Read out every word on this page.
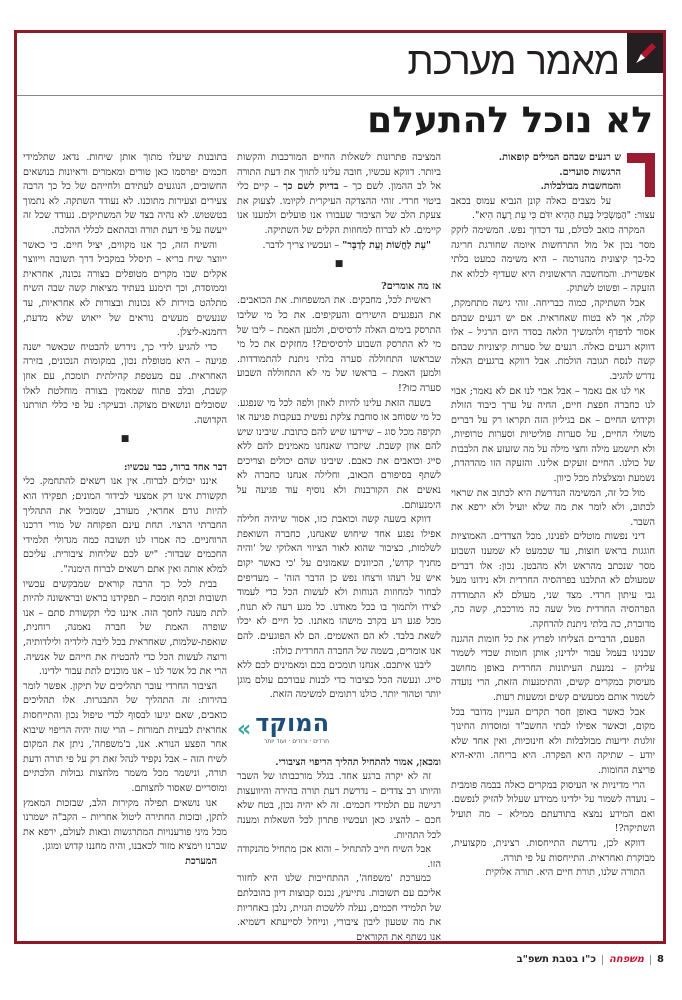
מאמר מערכת
לא נוכל להתעלם

ש רגעים שבהם המילים קופאות.

הרגשות סוערים.

והמחשבות מבולבלות.

על מצבים כאלה קונן הנביא עמוס בכאב עצור: "הַמַּשְׂכִּיל בָּעֵת הַהִיא יִדֹּם כִּי עֵת רָעָה הִיא".

המקרה כואב לכולם, עד דכדוך נפש. המשימה לזקק מסר נכון אל מול התרחשות איומה שחורגת חריגה כל-כך קיצונית מהנורמה – היא משימה כמעט בלתי אפשרית. והמחשבה הראשונית היא שעדיף לכלוא את הזעקה – ופשוט לשתוק.

אבל השתיקה, כמוה כבריחה. זוהי גישה מתחמקת, קלה, אך לא בטוח שאחראית. אם יש רגעים שבהם אסור לדפדף ולהמשיך הלאה בסדר היום הרגיל – אלו דווקא רגעים כאלה. רגעים של סערות קיצוניות שבהם קשה לנסח תגובה הולמת. אבל דווקא ברגעים האלה נדרש להגיב.

אוי לנו אם נאמר – אבל אבוי לנו אם לא נאמר; אבוי לנו כחברה חפצת חיים, החיה על ערך כיבוד הזולת וקידוש החיים – אם בגיליון הזה תקראו רק על דברים משולי החיים, על סערות פוליטיות וסערות טרופיות, ולא תישמע מילה וחצי מילה על מה שזעזע את הלבבות של כולנו. החיים זועקים אלינו. והזעקה הזו מהדהדת, נשמעת ומצלצלת מכל כיוון.

מול כל זה, המשימה הנדרשת היא לכתוב את שראוי לכתוב, ולא לומר את מה שלא יועיל ולא ירפא את השבר.

דיני נפשות מוטלים לפנינו, מכל הצדדים. האמוציות חוגגות בראש חוצות, עד שכמעט לא שמענו השבוע מסר שנכתב מהראש ולא מהבטן. נכון: אלו דברים שמעולם לא התלבנו בפרהסיה החרדית ולא נידונו מעל גבי עיתון חרדי. מצד שני, מעולם לא התמודדה הפרהסיה החרדית מול שעה כה מורכבת, קשה כה, מדוברת, כה בלתי ניתנת להדחקה.

הפעם, הדברים הצליחו לפרוץ את כל חומות ההגנה שבנינו בעמל עבור ילדינו; אותן חומות שכדי לשמור עליהן – נמנעת העיתונות החרדית באופן מחושב מעיסוק במקרים קשים, והתימנעות הזאת, הרי נועדה לשמור אותם ממעשים קשים ומשעות רעות.

אבל כאשר באופן חסר תקדים העניין מדובר בכל מקום, וכאשר אפילו לבתי החשב"ד ומוסדות החינוך זולגות ידיעות מבולבלות ולא חינוכיות, ואין אחד שלא יודע – שתיקה היא הפקרה. היא בריחה. והיא-היא פריצת החומות.

הרי מדיניות אי העיסוק במקרים כאלה בבמה פומבית – נועדה לשמור על ילדינו ממידע שעלול להזיק לנפשם. ואם המידע נמצא בתודעתם ממילא – מה תועיל השתיקה?!

דווקא לכן, נדרשת התייחסות. רצינית, מקצועית, מבוקרת ואחראית. התייחסות על פי תורה.

התורה שלנו, תורת חיים היא. תורה אלוקית

המציבה פתרונות לשאלות החיים המורכבות והקשות ביותר. דווקא עכשיו, חובה עלינו לתווך את דעת התורה אל לב ההמון. לשם כך – בדיוק לשם כך – קיים כלי ביטוי חרדי. זוהי ההצדקה העיקרית לקיומו. לצעוק את צעקת הלב של הציבור שעבורו אנו פועלים ולמענו אנו קיימים. לא לברוח למחוזות הקלים של השתיקה.

"עֵת לַחֲשׁוֹת וְעֵת לְדַבֵּר" – ועכשיו צריך לדבר.

■

אז מה אומרים?

ראשית לכל, מחבקים. את המשפחות. את הכואבים. את הנפגעים הישירים והעקיפים. את כל מי שליבו התרסק בימים האלה לרסיסים, ולמען האמת – ליבו של מי לא התרסק השבוע לרסיסים?! מחזקים את כל מי שבראשו התחוללה סערה בלתי ניתנת להתמודדות. ולמען האמת – בראשו של מי לא התחוללה השבוע סערה כזו?!

בשעה הזאת עלינו להיות לאוזן ולפה לכל מי שנפגע. כל מי שסוחב או סוחבת צלקת נפשית בעקבות פגיעה או תקיפה מכל סוג – שיידעו שיש להם כתובת. שיבינו שיש להם אוזן קשבת. שיזכרו שאנחנו מאמינים להם ללא סייג וכואבים את כאבם. שיבינו שהם יכולים וצריכים לשתף בסיפורם הכאוב, וחלילה אנחנו כחברה לא נאשים את הקורבנות ולא נוסיף עוד פגיעה על הימנעותם.

דווקא בשעה קשה וכואבת כזו, אסור שיהיה חלילה אפילו נפגע אחד שיחוש שאנחנו, כחברה השואפת לשלמות, כציבור שהוא לאור הציווי האלוקי של 'והיה מחניך קדוש', הכיוונים שאמונים על 'כי כאשר יקום איש על רעהו ורצחו נפש כן הדבר הזה' – מעדיפים לבחור למחוזות הנוחות ולא לעשות הכל כדי לעמוד לצידו ולתמוך בו בכל מאודנו. כל מגע רעה לא תנוח, מכל פגע רע בקרב מישהו מאתנו. כל חיים לא יכלו לשאת בלבד. לא הם האשמים. הם לא הפוגעים. להם אנו אומרים, בשמה של החברה החרדית כולה:

ליבנו איתכם. אנחנו תומכים בכם ומאמינים לכם ללא סייג. ונעשה הכל כציבור כדי לבנות עבורכם עולם מוגן יותר וטהור יותר. כולנו רתומים למשימה הזאת.

« המוקד
חרדים · ורודים · ועוד יותר

ומכאן, אמור להתחיל תהליך הריפוי הציבורי.

זה לא יקרה ברגע אחד. בגלל מורכבותו של השבר והיותו רב צדדים – נדרשת דעת תורה בהירה והיוועצות רגישה עם תלמידי חכמים. זה לא יהיה נכון, בטח שלא חכם – להציג כאן ועכשיו פתרון לכל השאלות ומענה לכל התהיות.

אבל השיח חייב להתחיל – והוא אכן מתחיל מהנקודה הזו.

כמערכת 'משפחה', ההתחייבות שלנו היא לחזור אליכם עם תשובות. נתייעץ, נכנס קבוצות דיון בהובלתם של תלמידי חכמים, נעלה ללשכות הגזית, נלבן באחריות את מה שטעון ליבון ציבורי, ונייחל לסייעתא דשמיא. אנו נשתף את הקוראים

בתובנות שיעלו מתוך אותן שיחות. נדאג שתלמידי חכמים יפרסמו כאן טורים ומאמרים וראיונות בנושאים החשובים, הנוגעים לעתידם ולחייהם של כל כך הרבה צעירים וצעירות מתוכנו. לא נעודד השתקה. לא נתמוך בטשטוש. לא נהיה בצד של המשתיקים. נעודד שכל זה ייעשה על פי דעת תורה ובהתאם לכללי ההלכה.

והשיח הזה, כך אנו מקווים, יציל חיים. כי כאשר ייווצר שיח בריא – תיסלל במקביל דרך תשובה וייווצר אקלים שבו מקרים מטופלים בצורה נכונה, אחראית וממוסדת, וכך תימנע בעתיד מציאות קשה שבה השיח מתלהט בזירות לא נכונות ובצורות לא אחראיות, עד שנעשים מעשים נוראים של ייאוש שלא מדעת, רחמנא-ליצלן.

כדי להגיע לידי כך, נידרש להבטיח שכאשר ישנה פגיעה – היא מטופלת נכון, במקומות הנכונים, בזירה האחראית. עם מעטפת קהילתית תומכת, עם אוזן קשבת, ובלב פתוח שמאמין בצורה מוחלטת לאלו שסובלים ונושאים מצוקה. ובעיקר: על פי כללי תורתנו הקדושה.

■

דבר אחד ברור, כבר עכשיו:

איננו יכולים לברוח. אין אנו רשאים להתחמק. כלי תקשורת אינו רק אמצעי לבידור המונים; תפקידו הוא להיות גורם אחראי, מעורב, שמוביל את התהליך החברתי הרצוי. תחת עינם הפקוחה של מורי דרכנו הרוחניים. כה אמרו לנו תשובה כמה מגדולי תלמידי החכמים שבדור: "יש לכם שליחות ציבורית. עליכם למלא אותה ואין אתם רשאים לברוח הימנה".

בבית לכל כך הרבה קוראים שמבקשים עכשיו תשובות וכתף תומכת – תפקידנו בראש ובראשונה להיות לתת מענה לחסך הזה. איננו כלי תקשורת סתם – אנו שופרה האמת של חברה נאמנה, רוחנית, שואפת-שלמות, שאחראית בכל ליבה לילדיה ולילדותיה, ורוצה לעשות הכל כדי להבטיח את חייהם של אנשיה. הרי את כל אשר לנו – אנו מוכנים לתת עבור ילדינו.

הציבור החרדי עובר תהליכים של תיקון. אפשר לומר בהירות: זה התהליך של התבגרות. אלו תהליכים כואבים, שאם יגיעו לבסוף לכדי טיפול נכון והתייחסות אחראית לבעיות תמורות – הרי שזה יהיה הריפוי שיבוא אחר הפצע הנורא. אנו, ב'משפחה', ניתן את המקום לשיח הזה – אבל נקפיד לנהל זאת רק על פי תורה ודעת תורה, ונישמר מכל משמר מלחצות גבולות הלכתיים ומוסריים שאסור לחצותם.

אנו נושאים תפילה מקירות הלב, שבזכות המאמץ לתקן, ובזכות החתירה ליטול אחריות – הקב"ה ישמרנו מכל מיני פורענויות המתרגשות ובאות לעולם, ירפא את שברנו וימציא מזור לכאבנו, והיה מחננו קדוש ומוגן.

המערכת

8
משפחה
כ"ו בטבת תשפ"ב
